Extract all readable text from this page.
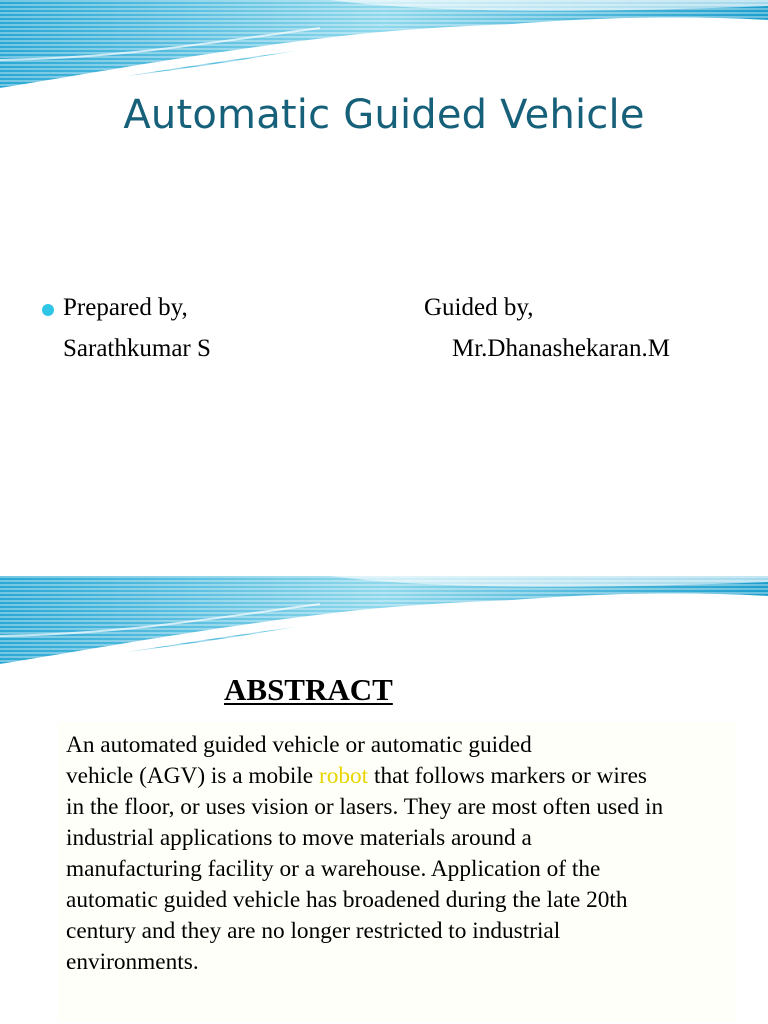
Automatic Guided Vehicle
Prepared by,
Sarathkumar S
Guided by,
Mr.Dhanashekaran.M
ABSTRACT
An automated guided vehicle or automatic guided
vehicle (AGV) is a mobile robot that follows markers or wires
in the floor, or uses vision or lasers. They are most often used in
industrial applications to move materials around a
manufacturing facility or a warehouse. Application of the
automatic guided vehicle has broadened during the late 20th
century and they are no longer restricted to industrial
environments.
